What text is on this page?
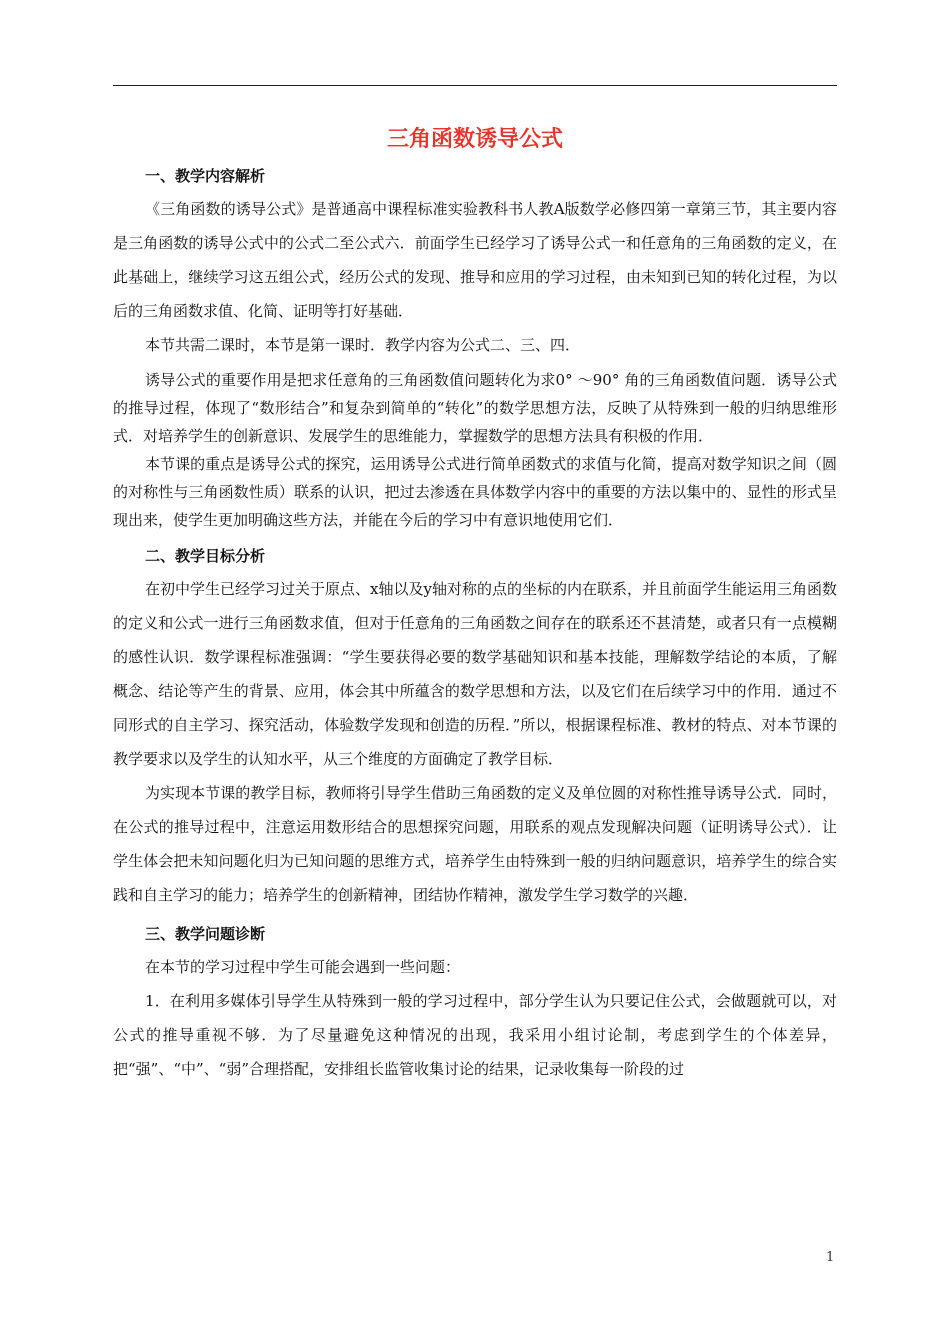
三角函数诱导公式
一、教学内容解析

《三角函数的诱导公式》是普通高中课程标准实验教科书人教A版数学必修四第一章第三节，其主要内容是三角函数的诱导公式中的公式二至公式六．前面学生已经学习了诱导公式一和任意角的三角函数的定义，在此基础上，继续学习这五组公式，经历公式的发现、推导和应用的学习过程，由未知到已知的转化过程，为以后的三角函数求值、化简、证明等打好基础．

本节共需二课时，本节是第一课时．教学内容为公式二、三、四．

诱导公式的重要作用是把求任意角的三角函数值问题转化为求0° ～90° 角的三角函数值问题．诱导公式的推导过程，体现了“数形结合”和复杂到简单的“转化”的数学思想方法，反映了从特殊到一般的归纳思维形式．对培养学生的创新意识、发展学生的思维能力，掌握数学的思想方法具有积极的作用．

本节课的重点是诱导公式的探究，运用诱导公式进行简单函数式的求值与化简，提高对数学知识之间（圆的对称性与三角函数性质）联系的认识，把过去渗透在具体数学内容中的重要的方法以集中的、显性的形式呈现出来，使学生更加明确这些方法，并能在今后的学习中有意识地使用它们．

二、教学目标分析

在初中学生已经学习过关于原点、x轴以及y轴对称的点的坐标的内在联系，并且前面学生能运用三角函数的定义和公式一进行三角函数求值，但对于任意角的三角函数之间存在的联系还不甚清楚，或者只有一点模糊的感性认识．数学课程标准强调：“学生要获得必要的数学基础知识和基本技能，理解数学结论的本质，了解概念、结论等产生的背景、应用，体会其中所蕴含的数学思想和方法，以及它们在后续学习中的作用．通过不同形式的自主学习、探究活动，体验数学发现和创造的历程．”所以，根据课程标准、教材的特点、对本节课的教学要求以及学生的认知水平，从三个维度的方面确定了教学目标．

为实现本节课的教学目标，教师将引导学生借助三角函数的定义及单位圆的对称性推导诱导公式．同时，在公式的推导过程中，注意运用数形结合的思想探究问题，用联系的观点发现解决问题（证明诱导公式）．让学生体会把未知问题化归为已知问题的思维方式，培养学生由特殊到一般的归纳问题意识，培养学生的综合实践和自主学习的能力；培养学生的创新精神，团结协作精神，激发学生学习数学的兴趣．

三、教学问题诊断

在本节的学习过程中学生可能会遇到一些问题：

1．在利用多媒体引导学生从特殊到一般的学习过程中，部分学生认为只要记住公式，会做题就可以，对公式的推导重视不够．为了尽量避免这种情况的出现，我采用小组讨论制，考虑到学生的个体差异，把“强”、“中”、“弱”合理搭配，安排组长监管收集讨论的结果，记录收集每一阶段的过

1
